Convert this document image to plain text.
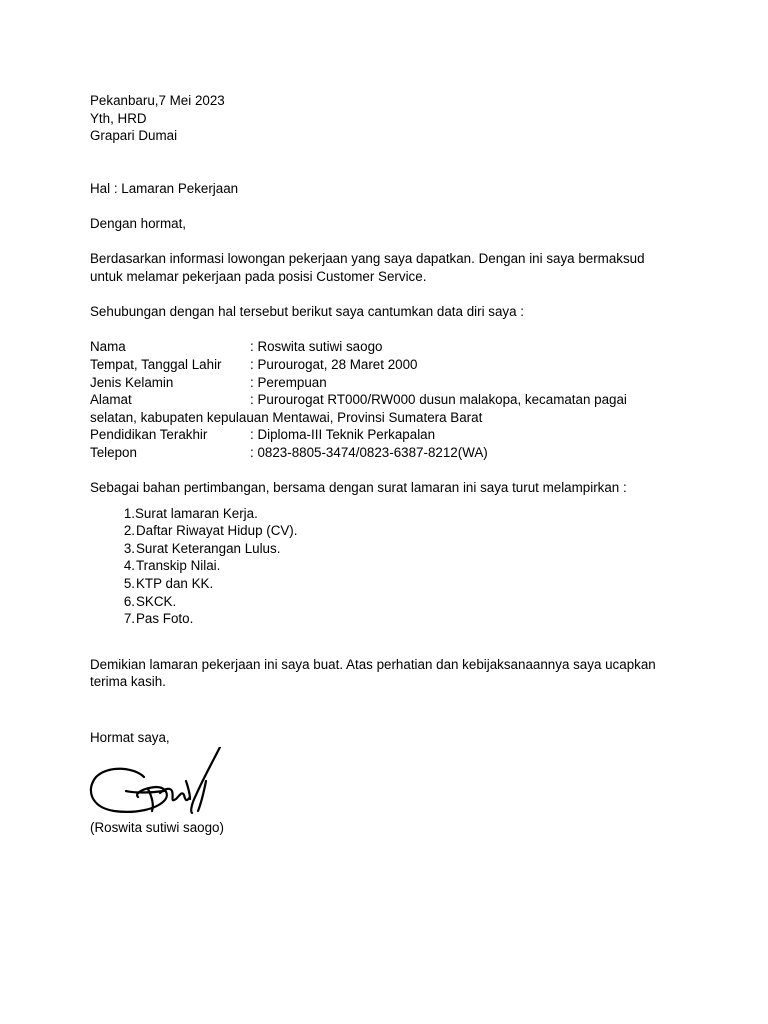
Pekanbaru,7 Mei 2023
Yth, HRD
Grapari Dumai
Hal : Lamaran Pekerjaan
Dengan hormat,
Berdasarkan informasi lowongan pekerjaan yang saya dapatkan. Dengan ini saya bermaksud
untuk melamar pekerjaan pada posisi Customer Service.
Sehubungan dengan hal tersebut berikut saya cantumkan data diri saya :
Nama	: Roswita sutiwi saogo
Tempat, Tanggal Lahir	: Purourogat, 28 Maret 2000
Jenis Kelamin	: Perempuan
Alamat	: Purourogat RT000/RW000 dusun malakopa, kecamatan pagai
selatan, kabupaten kepulauan Mentawai, Provinsi Sumatera Barat
Pendidikan Terakhir	: Diploma-III Teknik Perkapalan
Telepon	: 0823-8805-3474/0823-6387-8212(WA)
Sebagai bahan pertimbangan, bersama dengan surat lamaran ini saya turut melampirkan :
1. Surat lamaran Kerja.
2. Daftar Riwayat Hidup (CV).
3. Surat Keterangan Lulus.
4. Transkip Nilai.
5. KTP dan KK.
6. SKCK.
7. Pas Foto.
Demikian lamaran pekerjaan ini saya buat. Atas perhatian dan kebijaksanaannya saya ucapkan
terima kasih.
Hormat saya,
(Roswita sutiwi saogo)
